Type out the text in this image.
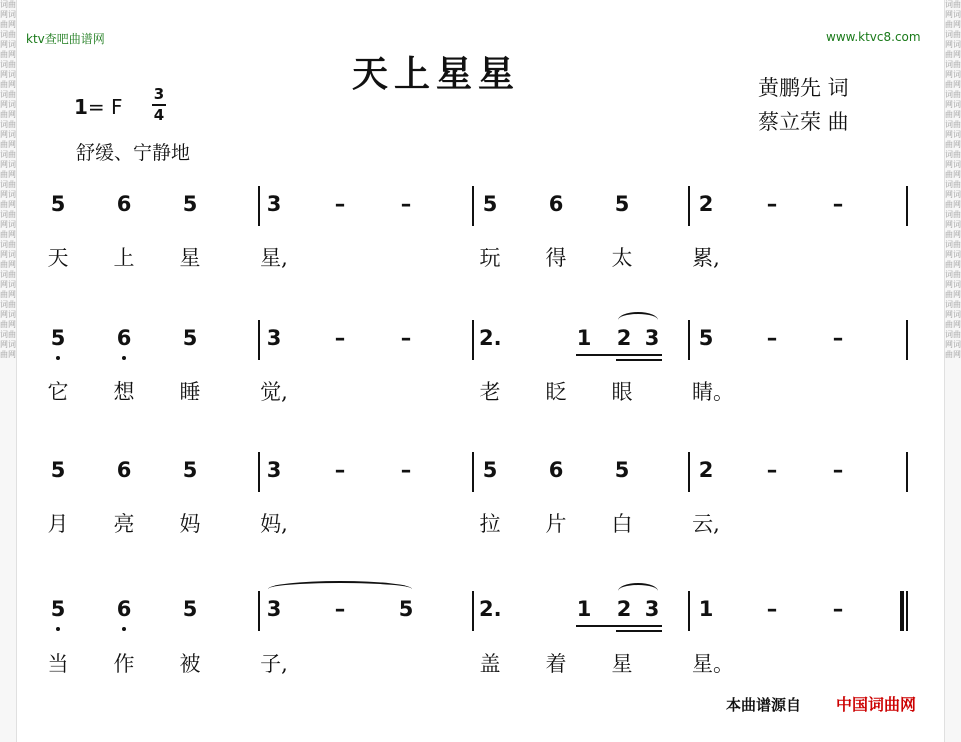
词曲网词曲网词曲网词曲网词曲网词曲网词曲网词曲网词曲网词曲网词曲网词曲网词曲网词曲网词曲网词曲网词曲网词曲网词曲网词曲网词曲网词曲网词曲网词曲网
词曲网词曲网词曲网词曲网词曲网词曲网词曲网词曲网词曲网词曲网词曲网词曲网词曲网词曲网词曲网词曲网词曲网词曲网词曲网词曲网词曲网词曲网词曲网词曲网
ktv查吧曲谱网	www.ktvc8.com
天上星星
1= F
3
4
舒缓、宁静地
黄鹏先 词
蔡立荣 曲
5 6 5	3	–	–	5 6 5	2	–	–
天 上 星	星,	玩 得 太	累,
5 6 5	3	–	–	2.	1 2 3 5	–	–
它 想 睡	觉,	老 眨 眼	睛。
5 6 5	3	–	–	5 6 5	2	–	–
月 亮 妈	妈,	拉 片 白	云,
5 6 5	3	–	5	2.	1 2 3 1	–	–
当 作 被	子,	盖 着 星	星。
本曲谱源自 中国词曲网
